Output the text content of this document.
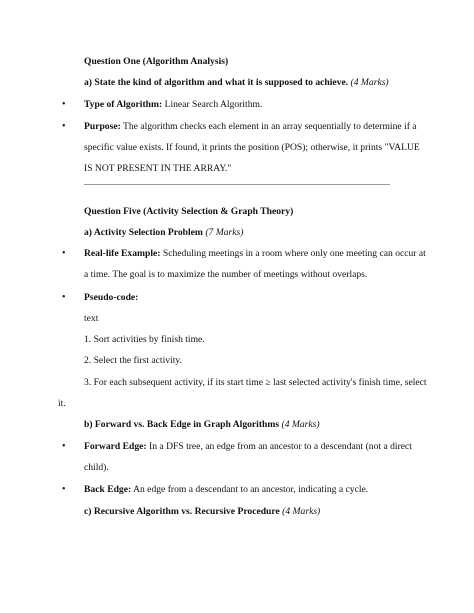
Question One (Algorithm Analysis)
a) State the kind of algorithm and what it is supposed to achieve. (4 Marks)
• Type of Algorithm: Linear Search Algorithm.
• Purpose: The algorithm checks each element in an array sequentially to determine if a
specific value exists. If found, it prints the position (POS); otherwise, it prints "VALUE
IS NOT PRESENT IN THE ARRAY."
Question Five (Activity Selection & Graph Theory)
a) Activity Selection Problem (7 Marks)
• Real-life Example: Scheduling meetings in a room where only one meeting can occur at
a time. The goal is to maximize the number of meetings without overlaps.
• Pseudo-code:
text
1. Sort activities by finish time.
2. Select the first activity.
3. For each subsequent activity, if its start time ≥ last selected activity's finish time, select
it.
b) Forward vs. Back Edge in Graph Algorithms (4 Marks)
• Forward Edge: In a DFS tree, an edge from an ancestor to a descendant (not a direct
child).
• Back Edge: An edge from a descendant to an ancestor, indicating a cycle.
c) Recursive Algorithm vs. Recursive Procedure (4 Marks)
